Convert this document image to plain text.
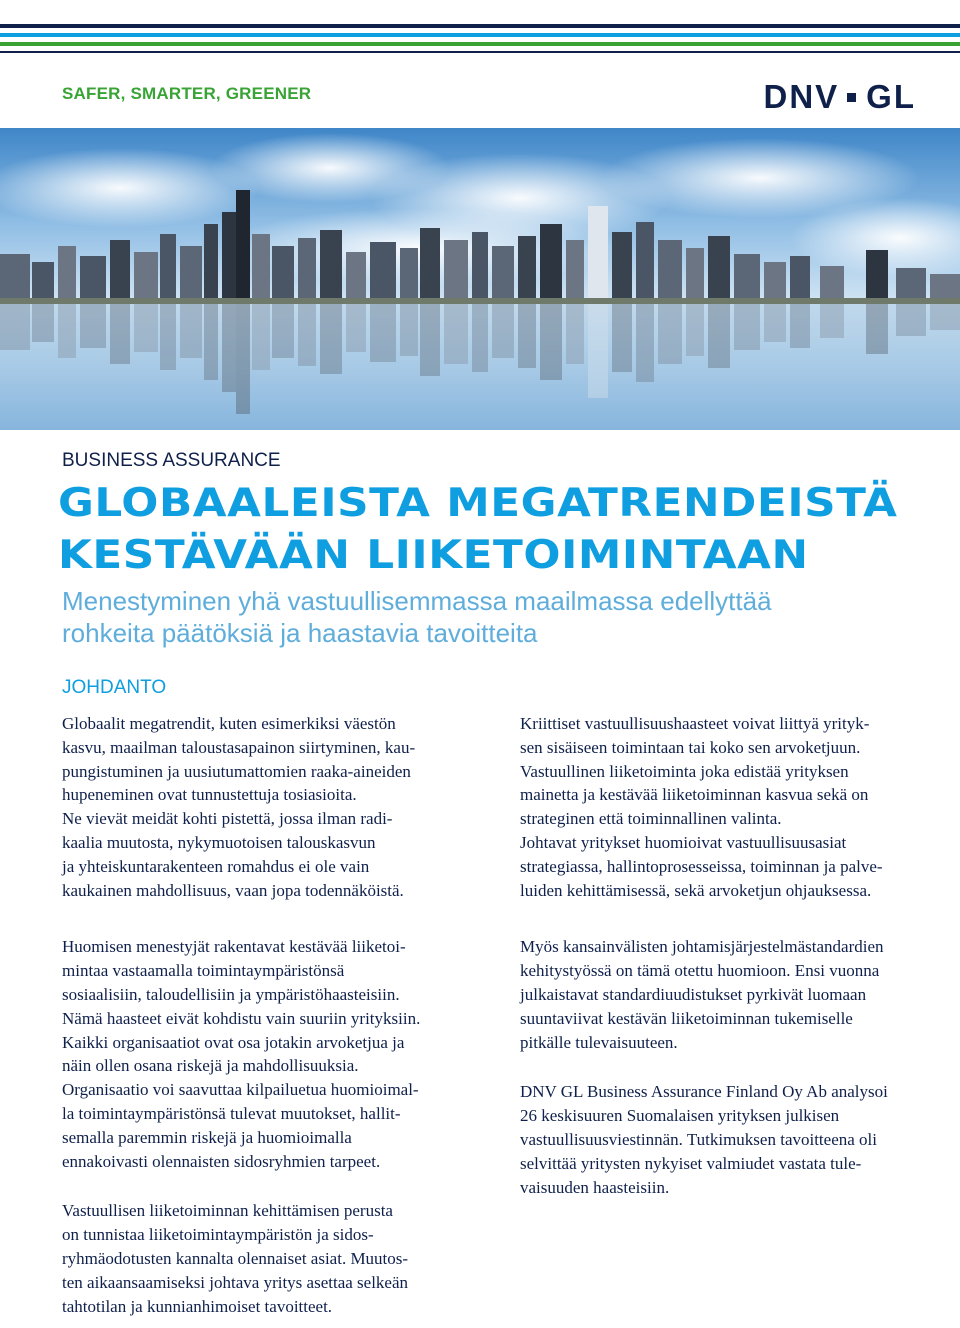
SAFER, SMARTER, GREENER	DNV GL
BUSINESS ASSURANCE
GLOBAALEISTA MEGATRENDEISTÄ
KESTÄVÄÄN LIIKETOIMINTAAN
Menestyminen yhä vastuullisemmassa maailmassa edellyttää
rohkeita päätöksiä ja haastavia tavoitteita
JOHDANTO

Globaalit megatrendit, kuten esimerkiksi väestön
kasvu, maailman taloustasapainon siirtyminen, kau-
pungistuminen ja uusiutumattomien raaka-aineiden
hupeneminen ovat tunnustettuja tosiasioita.
Ne vievät meidät kohti pistettä, jossa ilman radi-
kaalia muutosta, nykymuotoisen talouskasvun
ja yhteiskuntarakenteen romahdus ei ole vain
kaukainen mahdollisuus, vaan jopa todennäköistä.

Huomisen menestyjät rakentavat kestävää liiketoi-
mintaa vastaamalla toimintaympäristönsä
sosiaalisiin, taloudellisiin ja ympäristöhaasteisiin.
Nämä haasteet eivät kohdistu vain suuriin yrityksiin.
Kaikki organisaatiot ovat osa jotakin arvoketjua ja
näin ollen osana riskejä ja mahdollisuuksia.
Organisaatio voi saavuttaa kilpailuetua huomioimal-
la toimintaympäristönsä tulevat muutokset, hallit-
semalla paremmin riskejä ja huomioimalla
ennakoivasti olennaisten sidosryhmien tarpeet.

Vastuullisen liiketoiminnan kehittämisen perusta
on tunnistaa liiketoimintaympäristön ja sidos-
ryhmäodotusten kannalta olennaiset asiat. Muutos-
ten aikaansaamiseksi johtava yritys asettaa selkeän
tahtotilan ja kunnianhimoiset tavoitteet.

Kriittiset vastuullisuushaasteet voivat liittyä yrityk-
sen sisäiseen toimintaan tai koko sen arvoketjuun.
Vastuullinen liiketoiminta joka edistää yrityksen
mainetta ja kestävää liiketoiminnan kasvua sekä on
strateginen että toiminnallinen valinta.
Johtavat yritykset huomioivat vastuullisuusasiat
strategiassa, hallintoprosesseissa, toiminnan ja palve-
luiden kehittämisessä, sekä arvoketjun ohjauksessa.

Myös kansainvälisten johtamisjärjestelmästandardien
kehitystyössä on tämä otettu huomioon. Ensi vuonna
julkaistavat standardiuudistukset pyrkivät luomaan
suuntaviivat kestävän liiketoiminnan tukemiselle
pitkälle tulevaisuuteen.

DNV GL Business Assurance Finland Oy Ab analysoi
26 keskisuuren Suomalaisen yrityksen julkisen
vastuullisuusviestinnän. Tutkimuksen tavoitteena oli
selvittää yritysten nykyiset valmiudet vastata tule-
vaisuuden haasteisiin.
